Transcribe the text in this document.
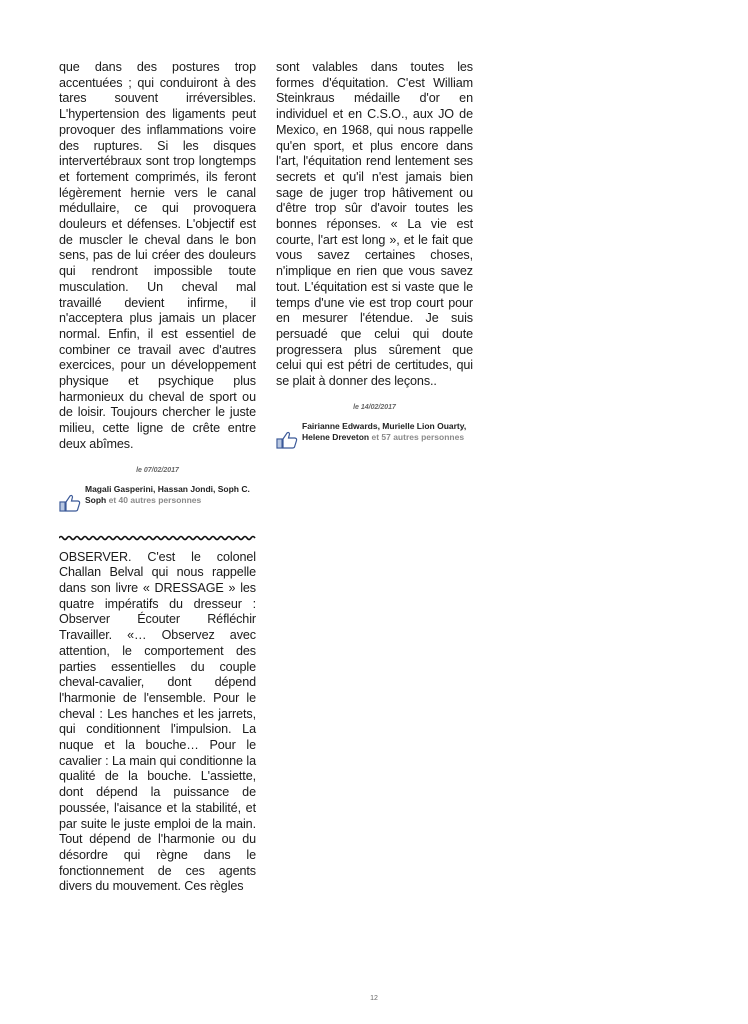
que dans des postures trop accentuées ; qui conduiront à des tares souvent irréversibles. L'hypertension des ligaments peut provoquer des inflammations voire des ruptures. Si les disques intervertébraux sont trop longtemps et fortement comprimés, ils feront légèrement hernie vers le canal médullaire, ce qui provoquera douleurs et défenses. L'objectif est de muscler le cheval dans le bon sens, pas de lui créer des douleurs qui rendront impossible toute musculation. Un cheval mal travaillé devient infirme, il n'acceptera plus jamais un placer normal. Enfin, il est essentiel de combiner ce travail avec d'autres exercices, pour un développement physique et psychique plus harmonieux du cheval de sport ou de loisir. Toujours chercher le juste milieu, cette ligne de crête entre deux abîmes.

le 07/02/2017
Magali Gasperini, Hassan Jondi, Soph C. Soph et 40 autres personnes

OBSERVER. C'est le colonel Challan Belval qui nous rappelle dans son livre « DRESSAGE » les quatre impératifs du dresseur : Observer Écouter Réfléchir Travailler. «… Observez avec attention, le comportement des parties essentielles du couple cheval-cavalier, dont dépend l'harmonie de l'ensemble. Pour le cheval : Les hanches et les jarrets, qui conditionnent l'impulsion. La nuque et la bouche… Pour le cavalier : La main qui conditionne la qualité de la bouche. L'assiette, dont dépend la puissance de poussée, l'aisance et la stabilité, et par suite le juste emploi de la main. Tout dépend de l'harmonie ou du désordre qui règne dans le fonctionnement de ces agents divers du mouvement. Ces règles

sont valables dans toutes les formes d'équitation. C'est William Steinkraus médaille d'or en individuel et en C.S.O., aux JO de Mexico, en 1968, qui nous rappelle qu'en sport, et plus encore dans l'art, l'équitation rend lentement ses secrets et qu'il n'est jamais bien sage de juger trop hâtivement ou d'être trop sûr d'avoir toutes les bonnes réponses. « La vie est courte, l'art est long », et le fait que vous savez certaines choses, n'implique en rien que vous savez tout. L'équitation est si vaste que le temps d'une vie est trop court pour en mesurer l'étendue. Je suis persuadé que celui qui doute progressera plus sûrement que celui qui est pétri de certitudes, qui se plait à donner des leçons..

le 14/02/2017
Fairianne Edwards, Murielle Lion Ouarty, Helene Dreveton et 57 autres personnes
12
